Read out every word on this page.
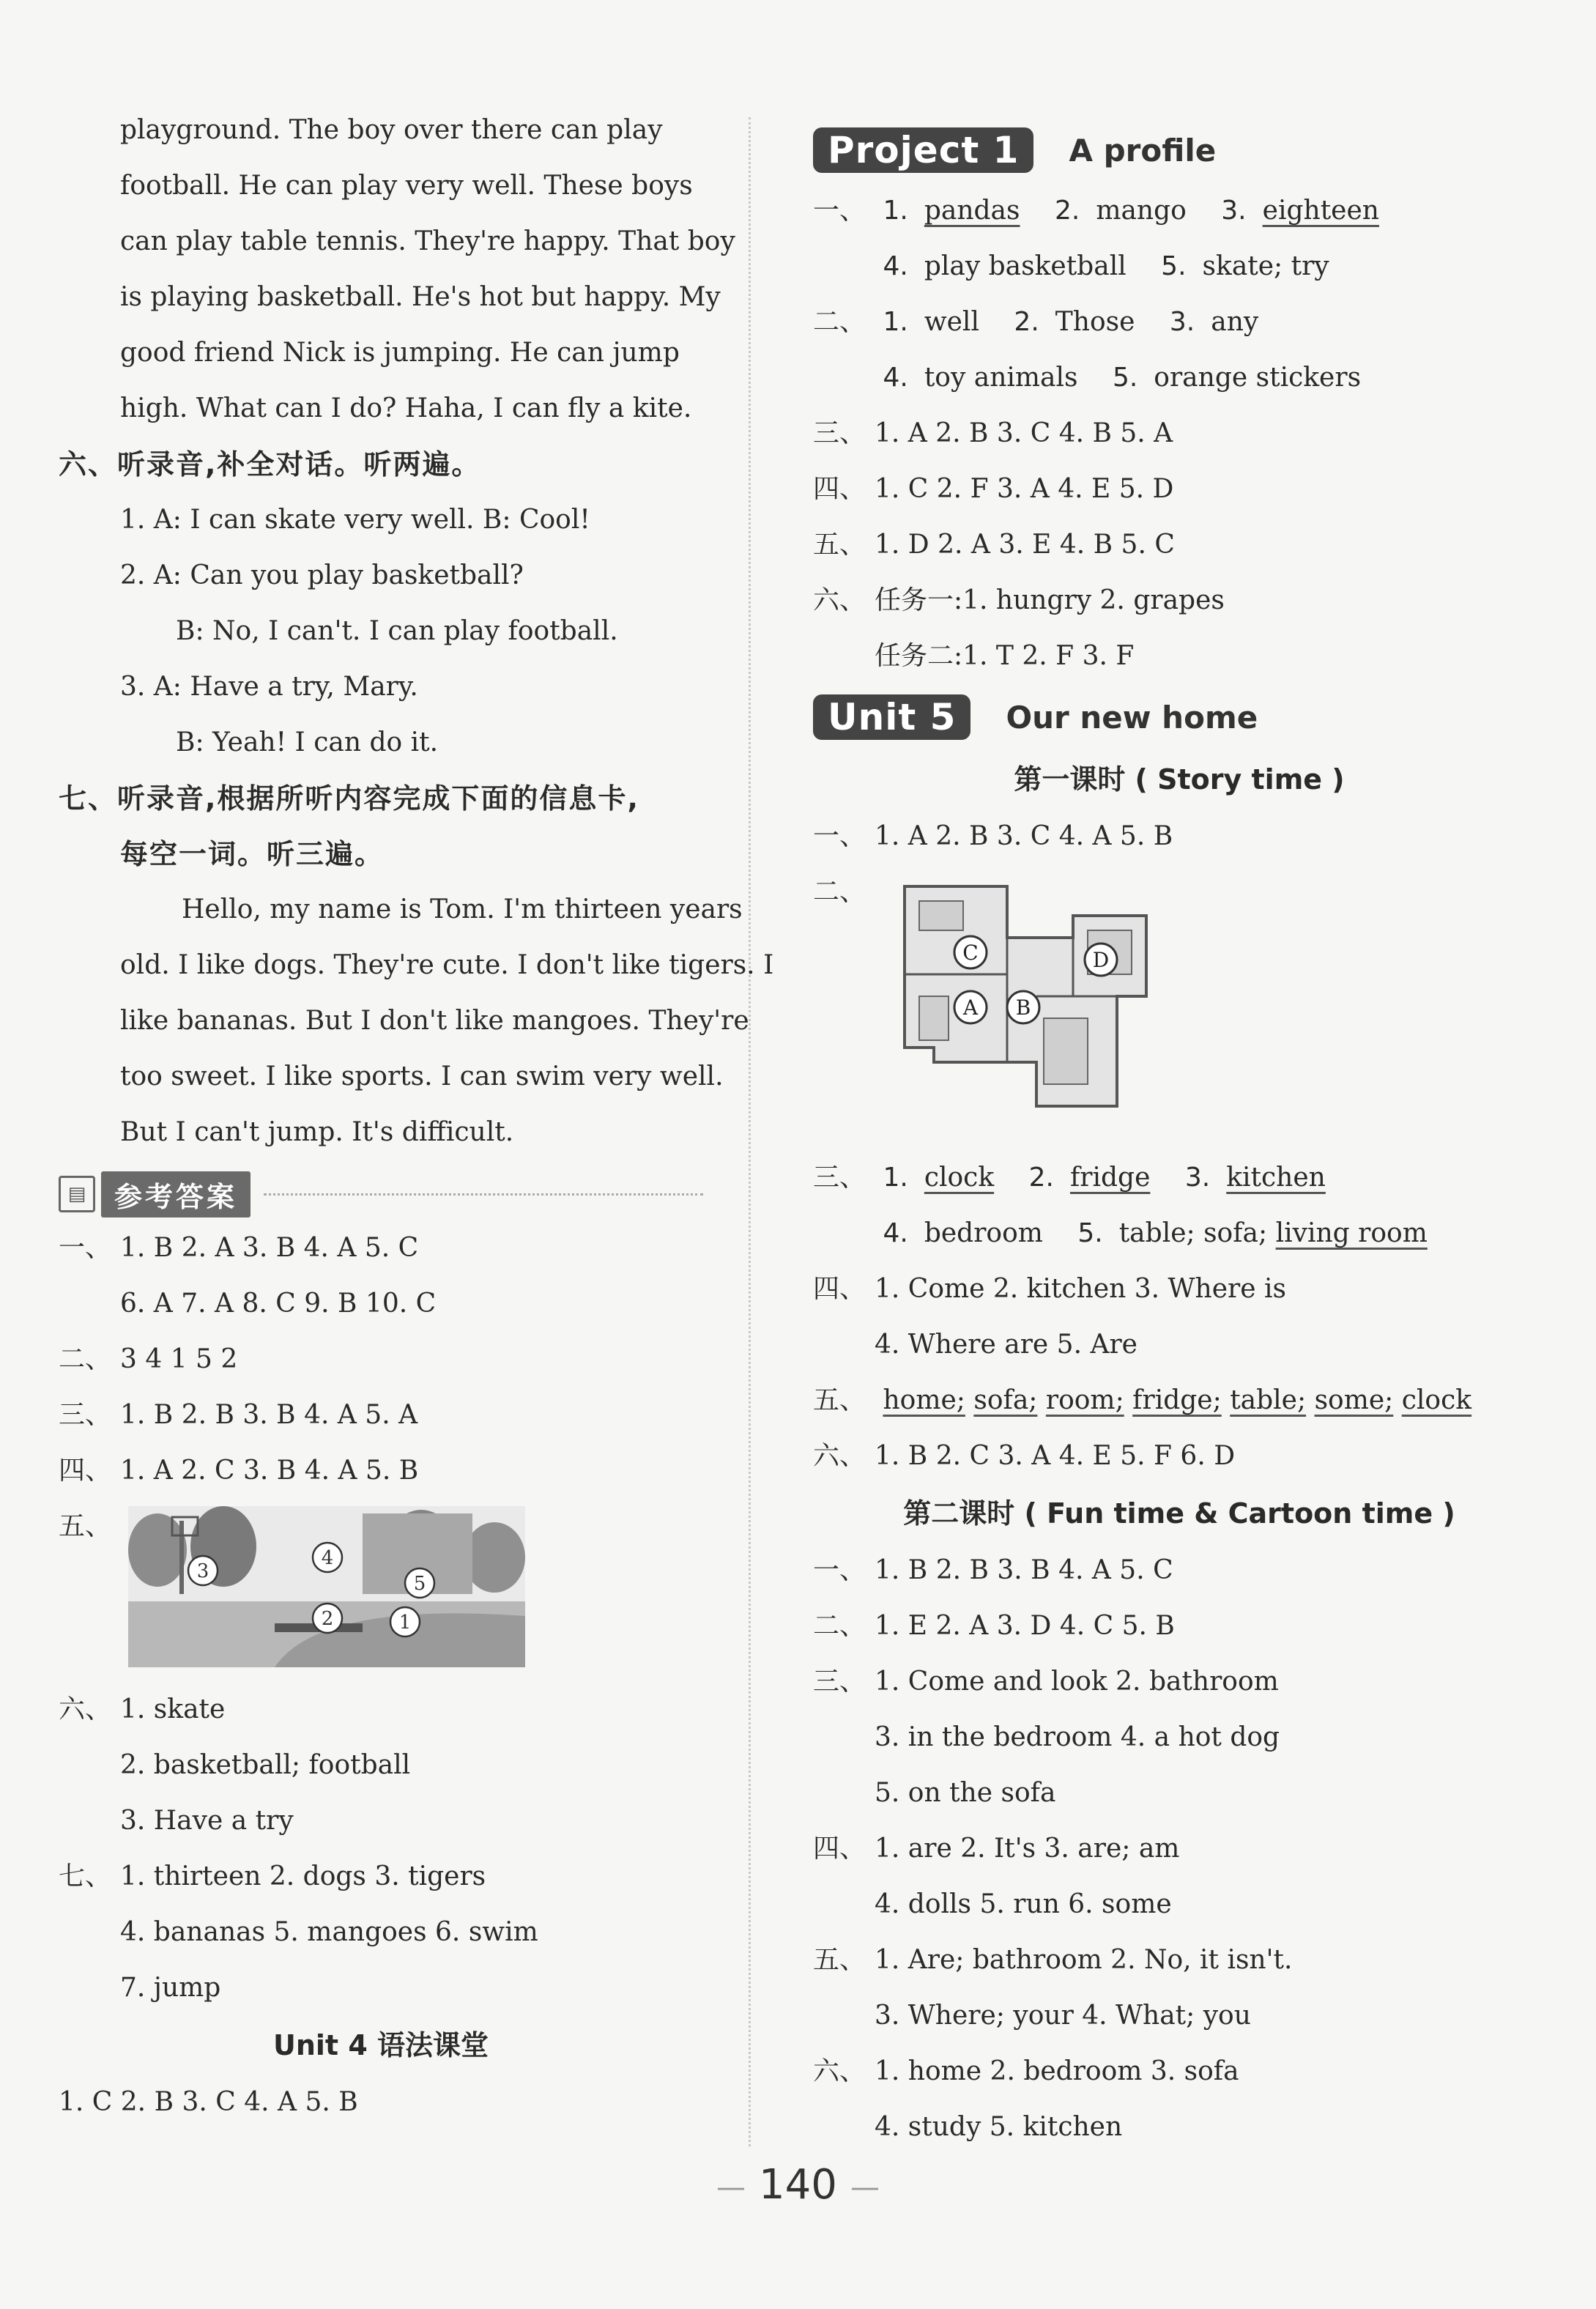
playground. The boy over there can play
football. He can play very well. These boys
can play table tennis. They're happy. That boy
is playing basketball. He's hot but happy. My
good friend Nick is jumping. He can jump
high. What can I do? Haha, I can fly a kite.
六、听录音,补全对话。听两遍。
1. A: I can skate very well. B: Cool!
2. A: Can you play basketball?
B: No, I can't. I can play football.
3. A: Have a try, Mary.
B: Yeah! I can do it.
七、听录音,根据所听内容完成下面的信息卡,
每空一词。听三遍。
Hello, my name is Tom. I'm thirteen years
old. I like dogs. They're cute. I don't like tigers. I
like bananas. But I don't like mangoes. They're
too sweet. I like sports. I can swim very well.
But I can't jump. It's difficult.
▤	参考答案
一、 1. B 2. A 3. B 4. A 5. C
6. A 7. A 8. C 9. B 10. C
二、 3 4 1 5 2
三、 1. B 2. B 3. B 4. A 5. A
四、 1. A 2. C 3. B 4. A 5. B
五、
2	1
3
4
5
六、 1. skate
2. basketball; football
3. Have a try
七、 1. thirteen 2. dogs 3. tigers
4. bananas 5. mangoes 6. swim
7. jump
Unit 4 语法课堂
1. C 2. B 3. C 4. A 5. B
Project 1	A profile
一、 1. pandas 2. mango 3. eighteen
4. play basketball 5. skate; try
二、 1. well 2. Those 3. any
4. toy animals 5. orange stickers
三、 1. A 2. B 3. C 4. B 5. A
四、 1. C 2. F 3. A 4. E 5. D
五、 1. D 2. A 3. E 4. B 5. C
六、 任务一:1. hungry 2. grapes
任务二:1. T 2. F 3. F
Unit 5	Our new home
第一课时 ( Story time )
一、 1. A 2. B 3. C 4. A 5. B
二、
C	D
A B
三、 1. clock 2. fridge 3. kitchen
4. bedroom 5. table; sofa; living room
四、 1. Come 2. kitchen 3. Where is
4. Where are 5. Are
五、 home; sofa; room; fridge; table; some; clock
六、 1. B 2. C 3. A 4. E 5. F 6. D
第二课时 ( Fun time & Cartoon time )
一、 1. B 2. B 3. B 4. A 5. C
二、 1. E 2. A 3. D 4. C 5. B
三、 1. Come and look 2. bathroom
3. in the bedroom 4. a hot dog
5. on the sofa
四、 1. are 2. It's 3. are; am
4. dolls 5. run 6. some
五、 1. Are; bathroom 2. No, it isn't.
3. Where; your 4. What; you
六、 1. home 2. bedroom 3. sofa
4. study 5. kitchen
— 140 —
